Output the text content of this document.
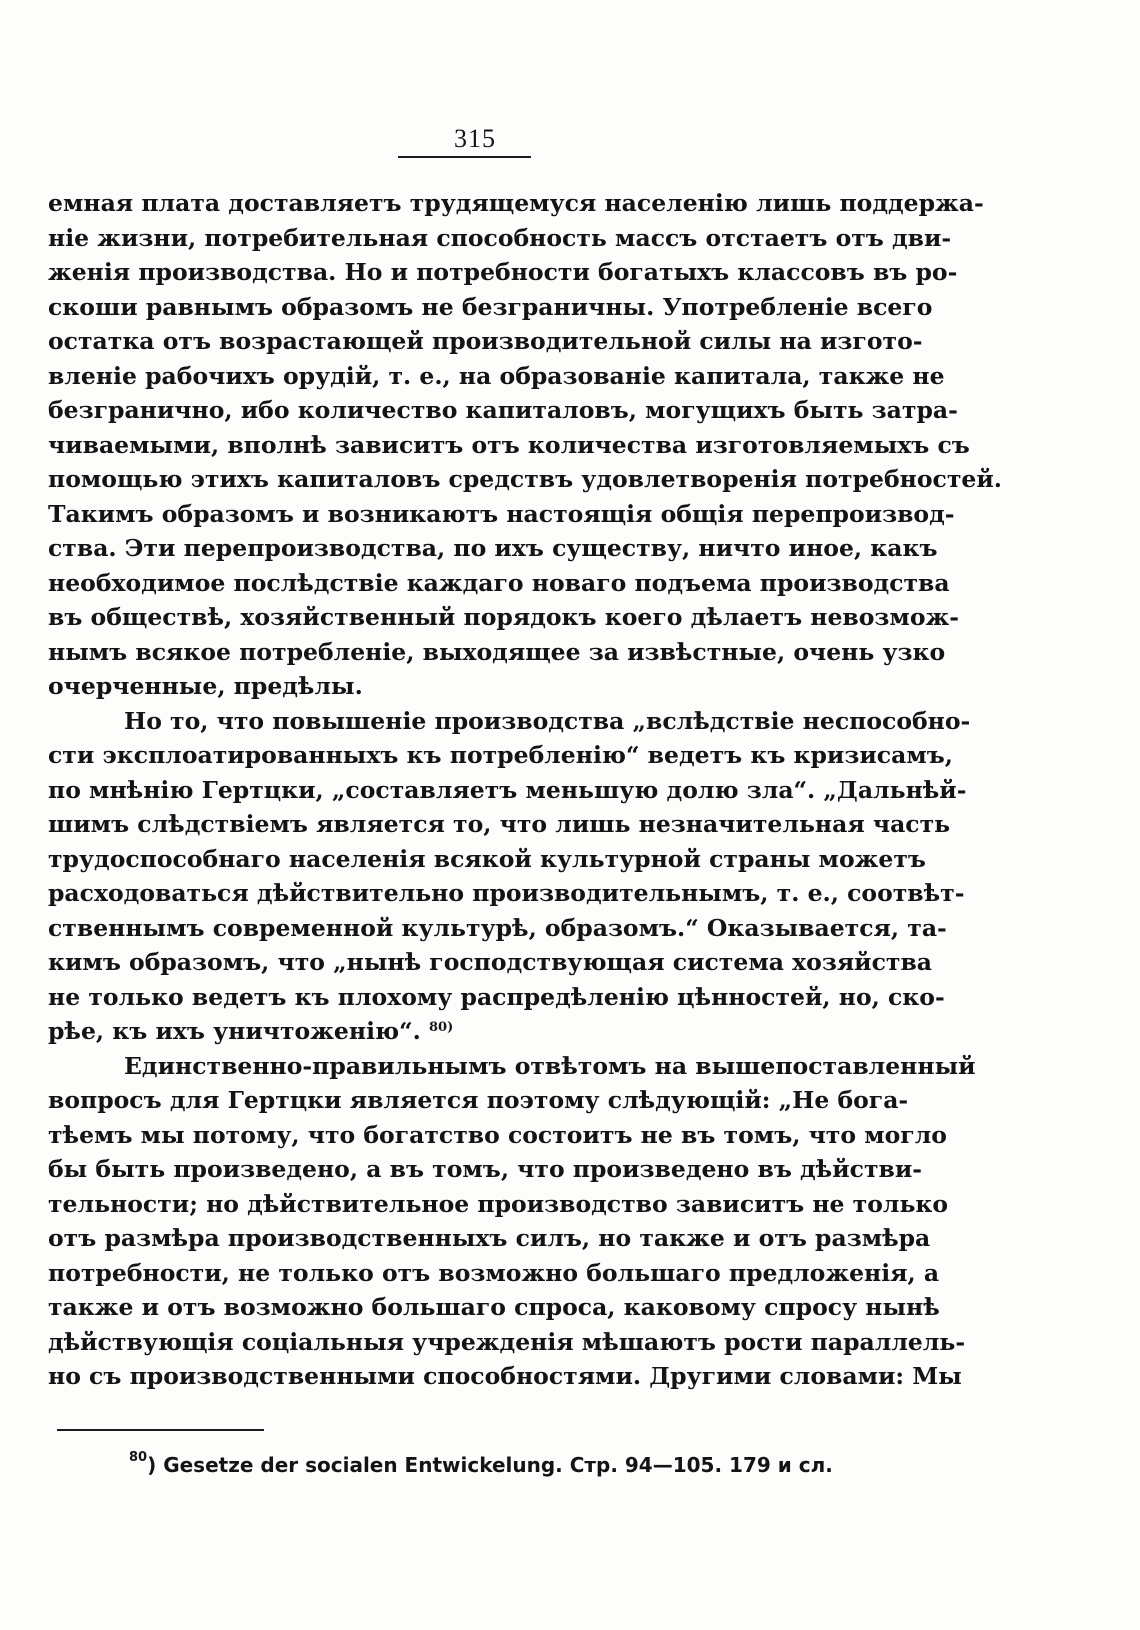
315
емная плата доставляетъ трудящемуся населенію лишь поддержа-
ніе жизни, потребительная способность массъ отстаетъ отъ дви-
женія производства. Но и потребности богатыхъ классовъ въ ро-
скоши равнымъ образомъ не безграничны. Употребленіе всего
остатка отъ возрастающей производительной силы на изгото-
вленіе рабочихъ орудій, т. е., на образованіе капитала, также не
безгранично, ибо количество капиталовъ, могущихъ быть затра-
чиваемыми, вполнѣ зависитъ отъ количества изготовляемыхъ съ
помощью этихъ капиталовъ средствъ удовлетворенія потребностей.
Такимъ образомъ и возникаютъ настоящія общія перепроизвод-
ства. Эти перепроизводства, по ихъ существу, ничто иное, какъ
необходимое послѣдствіе каждаго новаго подъема производства
въ обществѣ, хозяйственный порядокъ коего дѣлаетъ невозмож-
нымъ всякое потребленіе, выходящее за извѣстные, очень узко
очерченные, предѣлы.
Но то, что повышеніе производства „вслѣдствіе неспособно-
сти эксплоатированныхъ къ потребленію“ ведетъ къ кризисамъ,
по мнѣнію Гертцки, „составляетъ меньшую долю зла“. „Дальнѣй-
шимъ слѣдствіемъ является то, что лишь незначительная часть
трудоспособнаго населенія всякой культурной страны можетъ
расходоваться дѣйствительно производительнымъ, т. е., соотвѣт-
ственнымъ современной культурѣ, образомъ.“ Оказывается, та-
кимъ образомъ, что „нынѣ господствующая система хозяйства
не только ведетъ къ плохому распредѣленію цѣнностей, но, ско-
рѣе, къ ихъ уничтоженію“. $^{80)}$
Единственно-правильнымъ отвѣтомъ на вышепоставленный
вопросъ для Гертцки является поэтому слѣдующій: „Не бога-
тѣемъ мы потому, что богатство состоитъ не въ томъ, что могло
бы быть произведено, а въ томъ, что произведено въ дѣйстви-
тельности; но дѣйствительное производство зависитъ не только
отъ размѣра производственныхъ силъ, но также и отъ размѣра
потребности, не только отъ возможно большаго предложенія, а
также и отъ возможно большаго спроса, каковому спросу нынѣ
дѣйствующія соціальныя учрежденія мѣшаютъ рости параллель-
но съ производственными способностями. Другими словами: Мы
$^{80}$) Gesetze der socialen Entwickelung. Стр. 94—105. 179 и сл.
